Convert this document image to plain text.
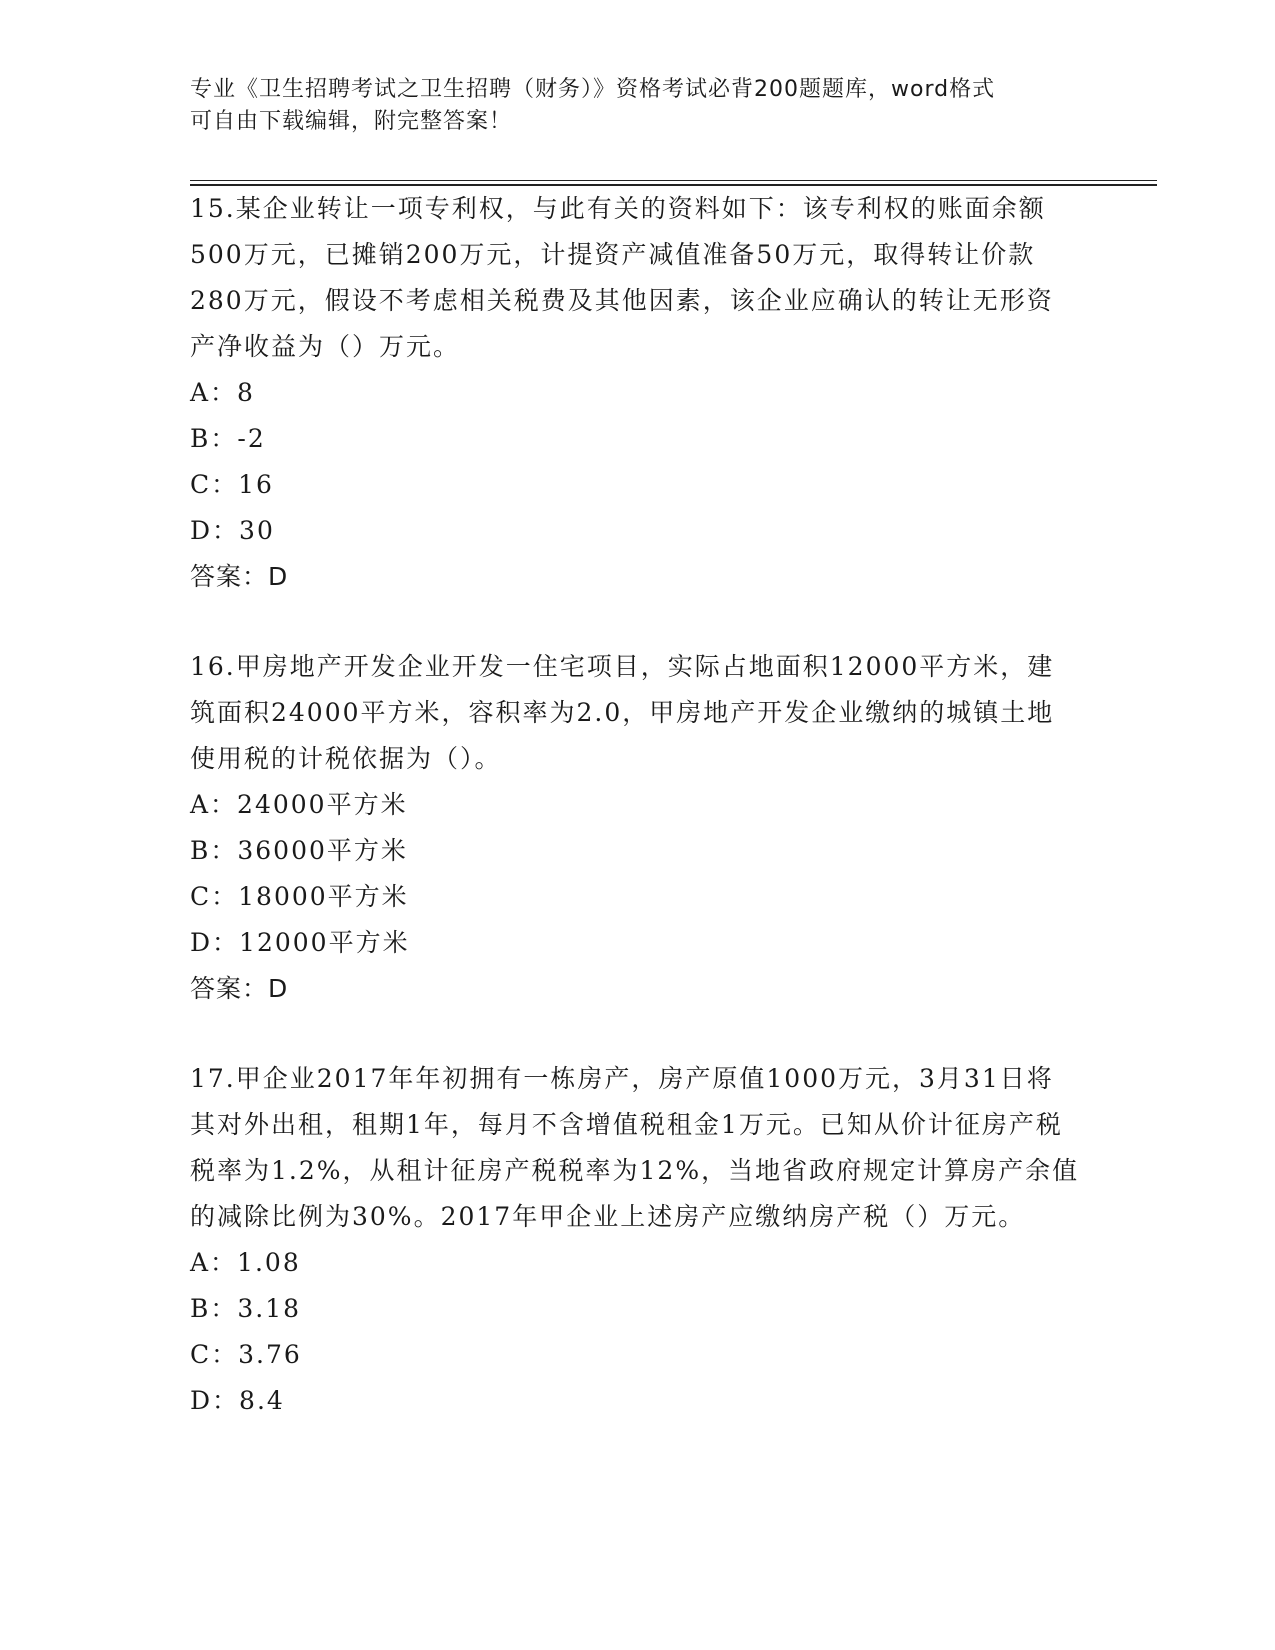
专业《卫生招聘考试之卫生招聘（财务）》资格考试必背200题题库，word格式
可自由下载编辑，附完整答案！

15.某企业转让一项专利权，与此有关的资料如下：该专利权的账面余额500万元，已摊销200万元，计提资产减值准备50万元，取得转让价款280万元，假设不考虑相关税费及其他因素，该企业应确认的转让无形资产净收益为（）万元。

A：8

B：-2

C：16

D：30

答案：D

16.甲房地产开发企业开发一住宅项目，实际占地面积12000平方米，建筑面积24000平方米，容积率为2.0，甲房地产开发企业缴纳的城镇土地使用税的计税依据为（）。

A：24000平方米

B：36000平方米

C：18000平方米

D：12000平方米

答案：D

17.甲企业2017年年初拥有一栋房产，房产原值1000万元，3月31日将其对外出租，租期1年，每月不含增值税租金1万元。已知从价计征房产税税率为1.2%，从租计征房产税税率为12%，当地省政府规定计算房产余值的减除比例为30%。2017年甲企业上述房产应缴纳房产税（）万元。

A：1.08

B：3.18

C：3.76

D：8.4
